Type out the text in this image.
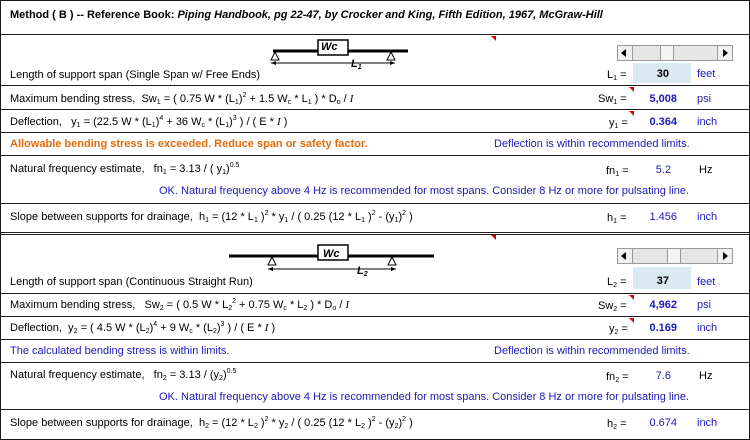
Method ( B ) -- Reference Book: Piping Handbook, pg 22-47, by Crocker and King, Fifth Edition, 1967, McGraw-Hill
Wc
$L_1$
Length of support span (Single Span w/ Free Ends)	$L_1$ =	30	feet
Maximum bending stress, $Sw_1$ = ( 0.75 $W * (L_1)^2 + 1.5$ $W_c * L_1$ ) * $D_o$ / I	$Sw_1$ =	5,008 psi
Deflection,   $y_1 = (22.5$ $W * (L_1)^4 + 36$ $W_c * (L_1)^3$ ) / ( E * I )	$y_1$ =	0.364 inch
Allowable bending stress is exceeded. Reduce span or safety factor.	Deflection is within recommended limits.
Natural frequency estimate,   $fn_1 = 3.13$ / ( $y_1)^{0.5}$	$fn_1$ =	5.2	Hz
OK. Natural frequency above 4 Hz is recommended for most spans. Consider 8 Hz or more for pulsating line.
Slope between supports for drainage,  $h_1 = (12 * L_1$ )$^2 * y_1$ / ( 0.25 ($12 * L_1$ )$^2 - (y_1)^2$ )	$h_1$ =	1.456 inch
Wc
$L_2$
Length of support span (Continuous Straight Run)	$L_2$ =	37	feet
Maximum bending stress,   $Sw_2$ = ( 0.5 $W * L_2^2 + 0.75$ $W_c * L_2$ ) * $D_o$ / I	$Sw_2$ =	4,962 psi
Deflection,  $y_2$ = ( 4.5 $W * (L_2)^4 + 9$ $W_c * (L_2)^3$ ) / ( E * I )	$y_2$ =	0.169 inch
The calculated bending stress is within limits.	Deflection is within recommended limits.
Natural frequency estimate,   $fn_2 = 3.13 / (y_2)^{0.5}$	$fn_2$ =	7.6	Hz
OK. Natural frequency above 4 Hz is recommended for most spans. Consider 8 Hz or more for pulsating line.
Slope between supports for drainage,  $h_2 = (12 * L_2$ )$^2 * y_2$ / ( 0.25 ($12 * L_2$ )$^2 - (y_2)^2$ )	$h_2$ =	0.674 inch
